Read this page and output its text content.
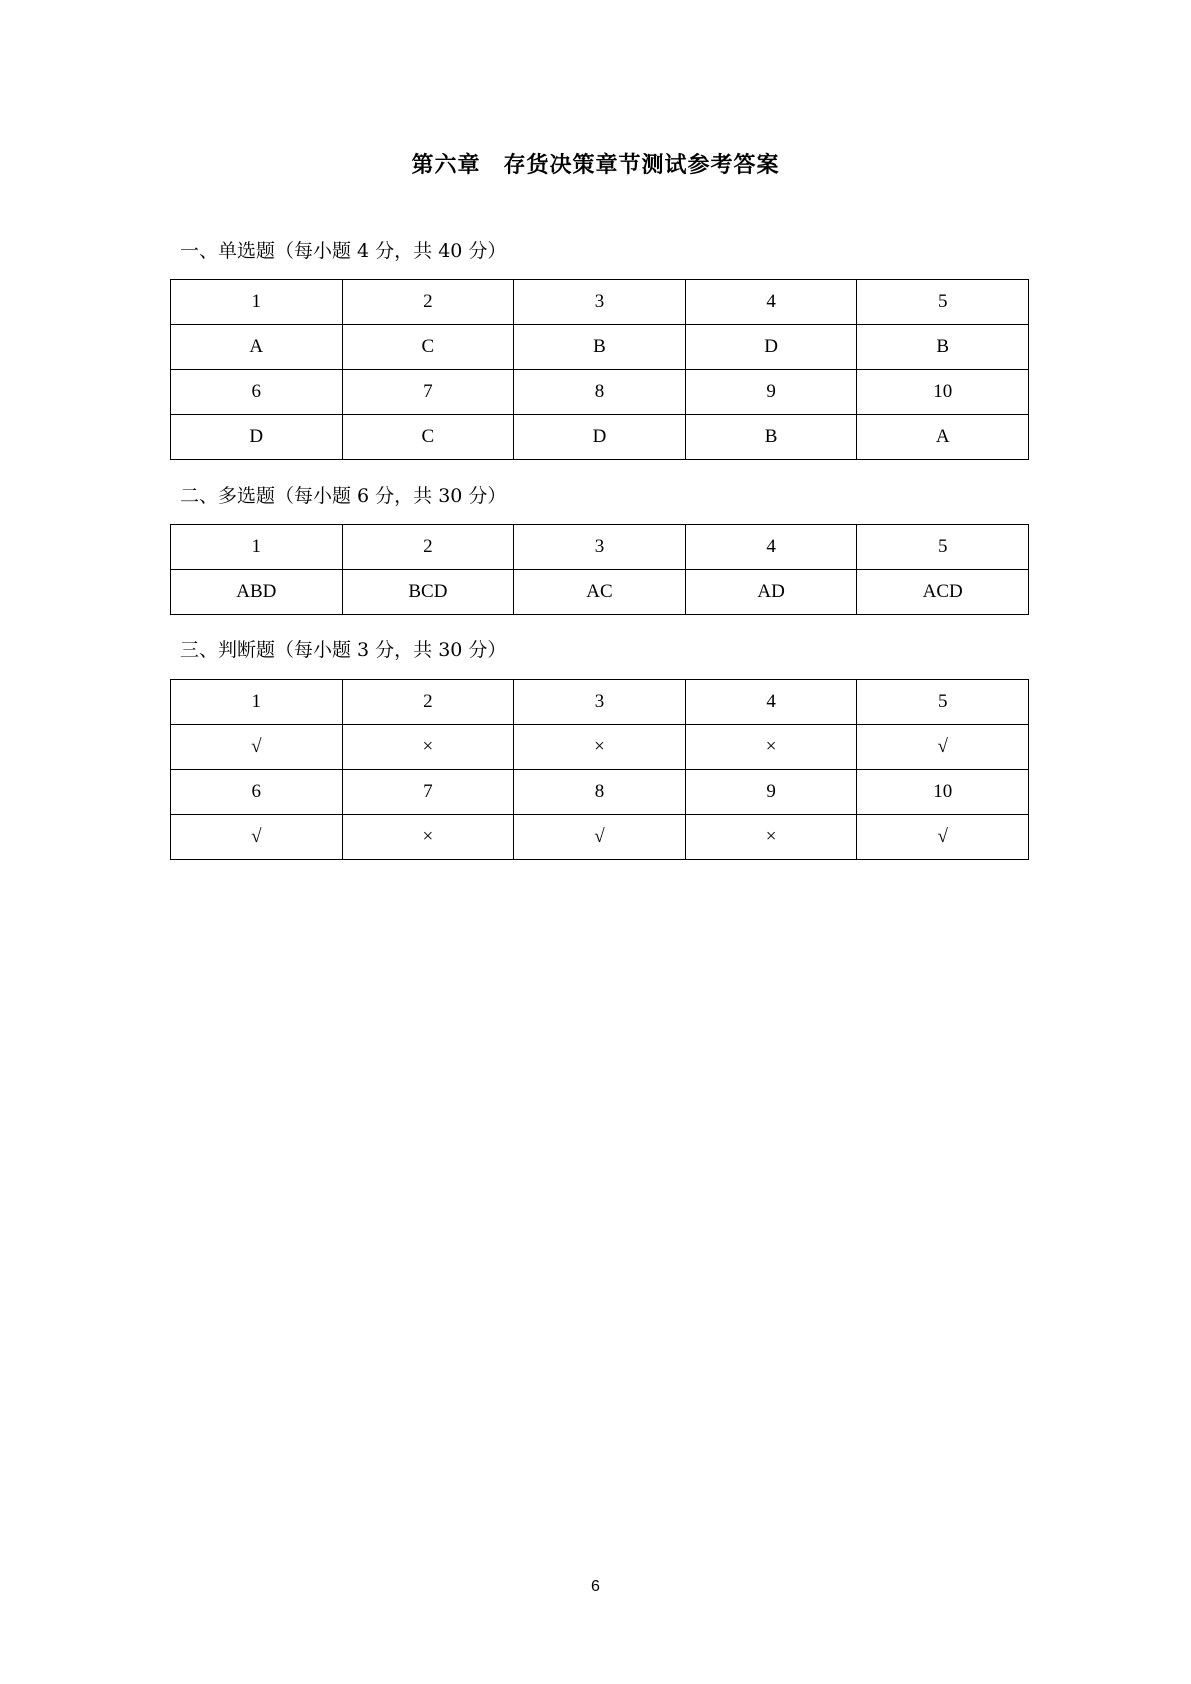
第六章　存货决策章节测试参考答案
一、单选题（每小题 4 分，共 40 分）
1	2	3	4	5
A	C	B	D	B
6	7	8	9	10
D	C	D	B	A
二、多选题（每小题 6 分，共 30 分）
1	2	3	4	5
ABD	BCD	AC	AD	ACD
三、判断题（每小题 3 分，共 30 分）
1	2	3	4	5
√	×	×	×	√
6	7	8	9	10
√	×	√	×	√
6
